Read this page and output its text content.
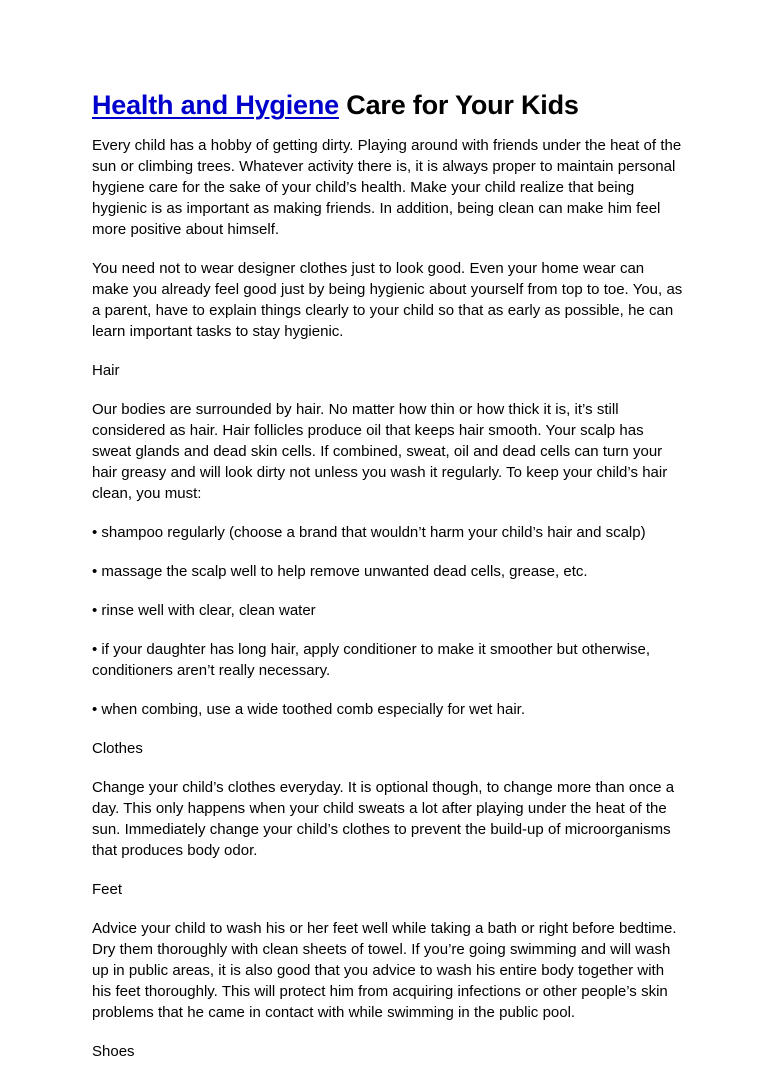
Health and Hygiene Care for Your Kids

Every child has a hobby of getting dirty. Playing around with friends under the heat of the sun or climbing trees. Whatever activity there is, it is always proper to maintain personal hygiene care for the sake of your child’s health. Make your child realize that being hygienic is as important as making friends. In addition, being clean can make him feel more positive about himself.

You need not to wear designer clothes just to look good. Even your home wear can make you already feel good just by being hygienic about yourself from top to toe. You, as a parent, have to explain things clearly to your child so that as early as possible, he can learn important tasks to stay hygienic.

Hair

Our bodies are surrounded by hair. No matter how thin or how thick it is, it’s still considered as hair. Hair follicles produce oil that keeps hair smooth. Your scalp has sweat glands and dead skin cells. If combined, sweat, oil and dead cells can turn your hair greasy and will look dirty not unless you wash it regularly. To keep your child’s hair clean, you must:

• shampoo regularly (choose a brand that wouldn’t harm your child’s hair and scalp)

• massage the scalp well to help remove unwanted dead cells, grease, etc.

• rinse well with clear, clean water

• if your daughter has long hair, apply conditioner to make it smoother but otherwise, conditioners aren’t really necessary.

• when combing, use a wide toothed comb especially for wet hair.

Clothes

Change your child’s clothes everyday. It is optional though, to change more than once a day. This only happens when your child sweats a lot after playing under the heat of the sun. Immediately change your child’s clothes to prevent the build-up of microorganisms that produces body odor.

Feet

Advice your child to wash his or her feet well while taking a bath or right before bedtime. Dry them thoroughly with clean sheets of towel. If you’re going swimming and will wash up in public areas, it is also good that you advice to wash his entire body together with his feet thoroughly. This will protect him from acquiring infections or other people’s skin problems that he came in contact with while swimming in the public pool.

Shoes
